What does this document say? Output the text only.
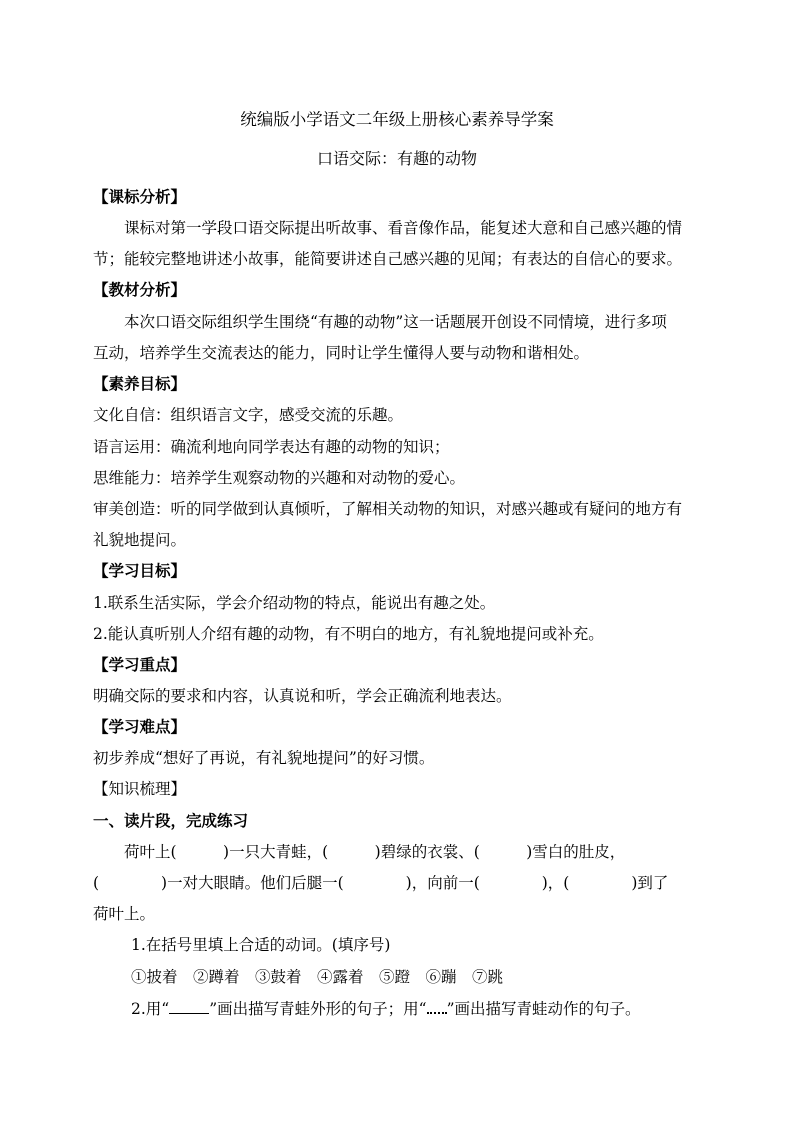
统编版小学语文二年级上册核心素养导学案
口语交际：有趣的动物
【课标分析】
课标对第一学段口语交际提出听故事、看音像作品，能复述大意和自己感兴趣的情
节；能较完整地讲述小故事，能简要讲述自己感兴趣的见闻；有表达的自信心的要求。
【教材分析】
本次口语交际组织学生围绕“有趣的动物”这一话题展开创设不同情境，进行多项
互动，培养学生交流表达的能力，同时让学生懂得人要与动物和谐相处。
【素养目标】
文化自信：组织语言文字，感受交流的乐趣。
语言运用：确流利地向同学表达有趣的动物的知识；
思维能力：培养学生观察动物的兴趣和对动物的爱心。
审美创造：听的同学做到认真倾听，了解相关动物的知识，对感兴趣或有疑问的地方有
礼貌地提问。
【学习目标】
1.联系生活实际，学会介绍动物的特点，能说出有趣之处。
2.能认真听别人介绍有趣的动物，有不明白的地方，有礼貌地提问或补充。
【学习重点】
明确交际的要求和内容，认真说和听，学会正确流利地表达。
【学习难点】
初步养成“想好了再说，有礼貌地提问”的好习惯。
【知识梳理】
一、读片段，完成练习
荷叶上(　　　)一只大青蛙，(　　　)碧绿的衣裳、(　　　)雪白的肚皮，
(　　　　)一对大眼睛。他们后腿一(　　　　)，向前一(　　　　)，(　　　　)到了
荷叶上。
1.在括号里填上合适的动词。(填序号)
①披着　②蹲着　③鼓着　④露着　⑤蹬　⑥蹦　⑦跳
2.用“	”画出描写青蛙外形的句子；用“ ”画出描写青蛙动作的句子。
